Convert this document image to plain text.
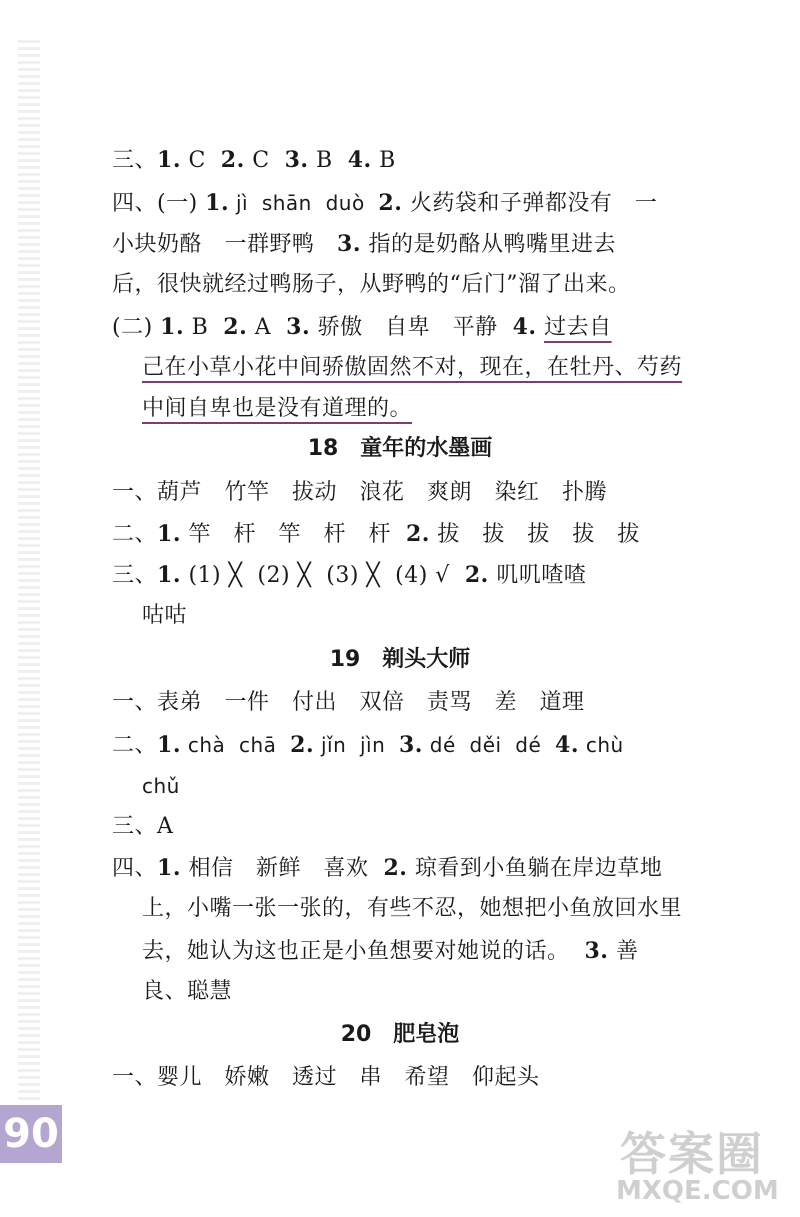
三、1. C  2. C  3. B  4. B
四、(一) 1. jì  shān  duò  2. 火药袋和子弹都没有　一
小块奶酪　一群野鸭　3. 指的是奶酪从鸭嘴里进去
后，很快就经过鸭肠子，从野鸭的“后门”溜了出来。
(二) 1. B  2. A  3. 骄傲　自卑　平静  4. 过去自
己在小草小花中间骄傲固然不对，现在，在牡丹、芍药
中间自卑也是没有道理的。
18　童年的水墨画
一、葫芦　竹竿　拔动　浪花　爽朗　染红　扑腾
二、1. 竿　杆　竿　杆　杆  2. 拔　拔　拔　拔　拔
三、1. (1) ╳  (2) ╳  (3) ╳  (4) √  2. 叽叽喳喳
咕咕
19　剃头大师
一、表弟　一件　付出　双倍　责骂　差　道理
二、1. chà  chā  2. jǐn  jìn  3. dé  děi  dé  4. chù
chǔ
三、A
四、1. 相信　新鲜　喜欢  2. 琼看到小鱼躺在岸边草地
上，小嘴一张一张的，有些不忍，她想把小鱼放回水里
去，她认为这也正是小鱼想要对她说的话。  3. 善
良、聪慧
20　肥皂泡
一、婴儿　娇嫩　透过　串　希望　仰起头
90	答案圈
MXQE.COM
